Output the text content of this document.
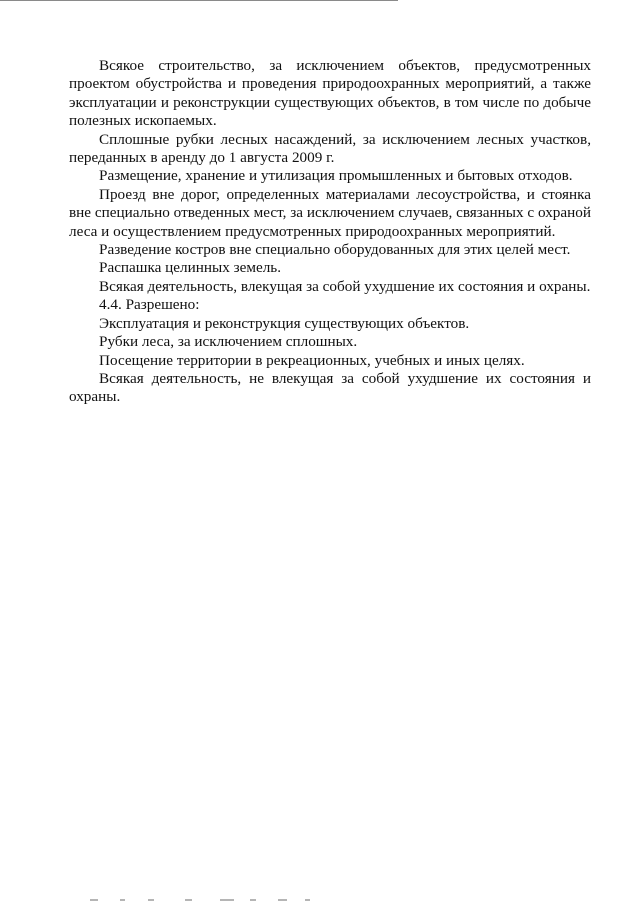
Всякое строительство, за исключением объектов, предусмотренных проектом обустройства и проведения природоохранных мероприятий, а также эксплуатации и реконструкции существующих объектов, в том числе по добыче полезных ископаемых.

Сплошные рубки лесных насаждений, за исключением лесных участков, переданных в аренду до 1 августа 2009 г.

Размещение, хранение и утилизация промышленных и бытовых отходов.

Проезд вне дорог, определенных материалами лесоустройства, и стоянка вне специально отведенных мест, за исключением случаев, связанных с охраной леса и осуществлением предусмотренных природоохранных мероприятий.

Разведение костров вне специально оборудованных для этих целей мест.

Распашка целинных земель.

Всякая деятельность, влекущая за собой ухудшение их состояния и охраны.

4.4. Разрешено:

Эксплуатация и реконструкция существующих объектов.

Рубки леса, за исключением сплошных.

Посещение территории в рекреационных, учебных и иных целях.

Всякая деятельность, не влекущая за собой ухудшение их состояния и охраны.
